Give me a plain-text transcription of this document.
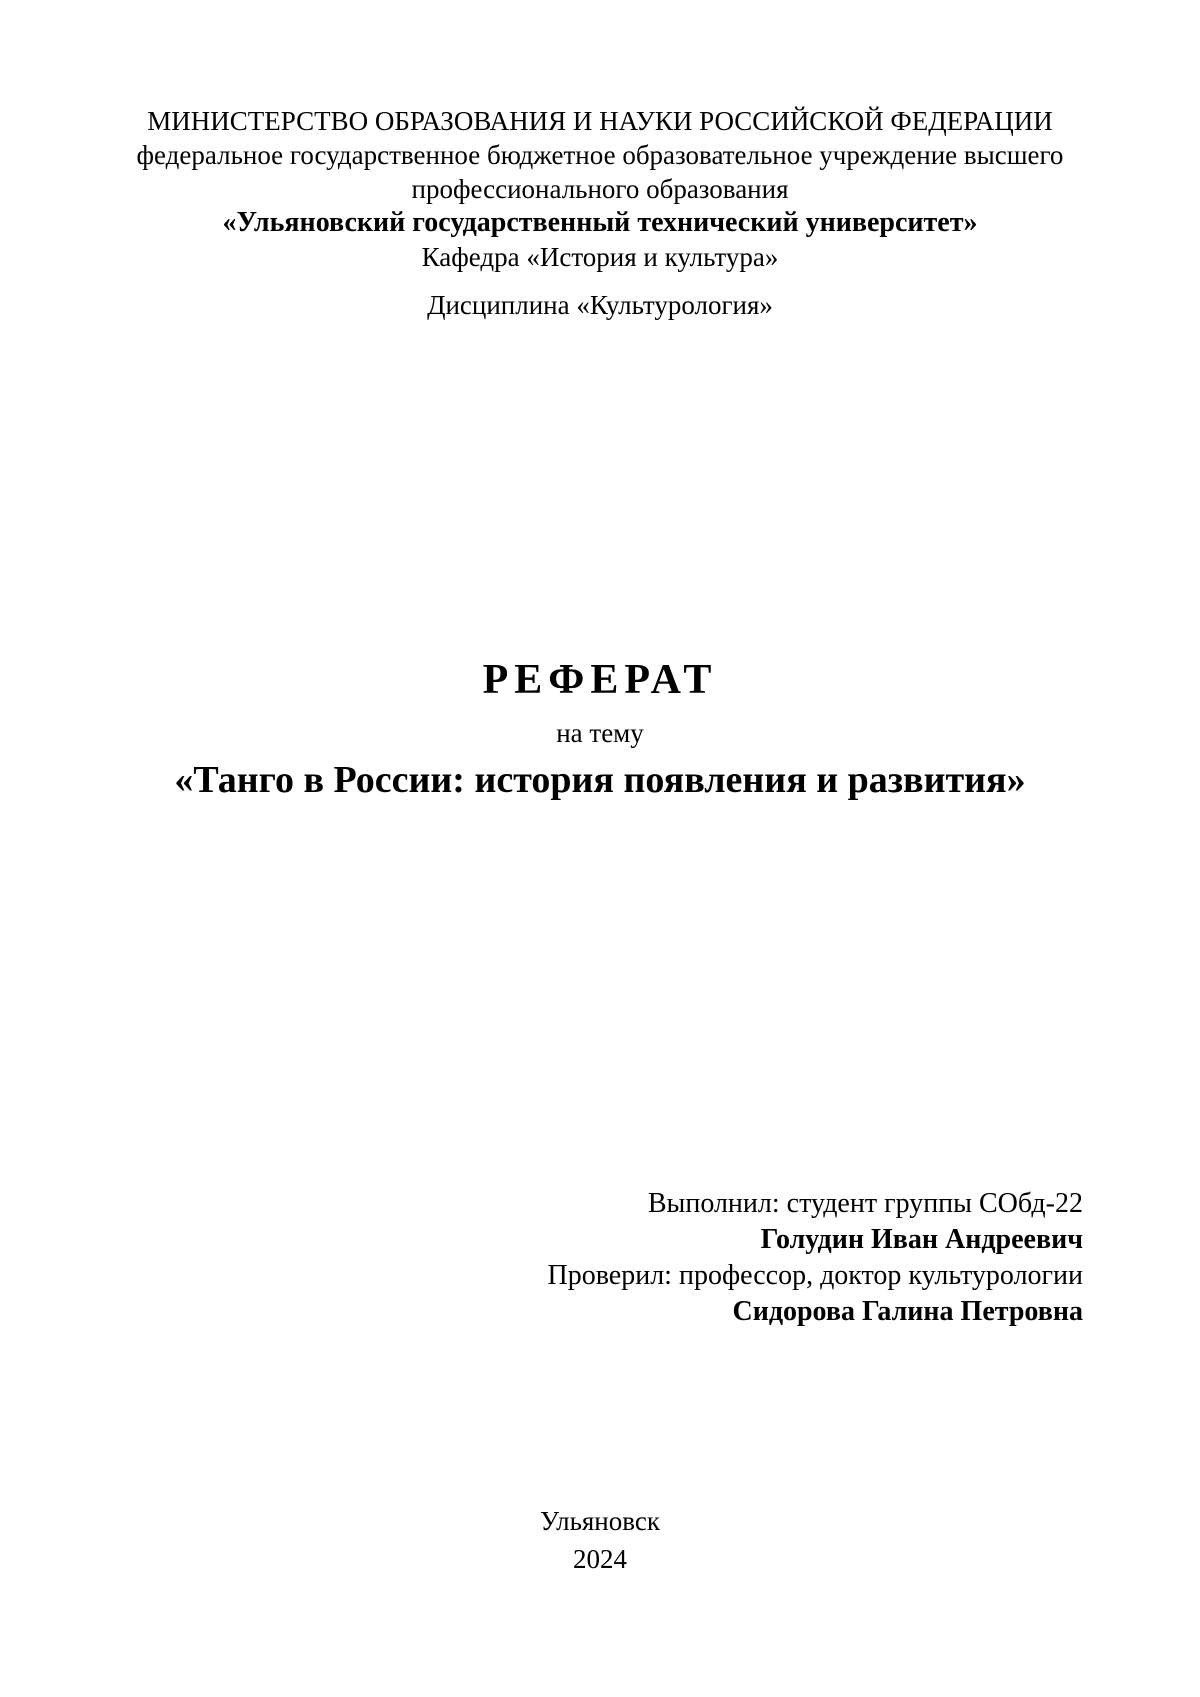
МИНИСТЕРСТВО ОБРАЗОВАНИЯ И НАУКИ РОССИЙСКОЙ ФЕДЕРАЦИИ
федеральное государственное бюджетное образовательное учреждение высшего
профессионального образования
«Ульяновский государственный технический университет»
Кафедра «История и культура»
Дисциплина «Культурология»
РЕФЕРАТ
на тему
«Танго в России: история появления и развития»
Выполнил: студент группы СОбд-22
Голудин Иван Андреевич
Проверил: профессор, доктор культурологии
Сидорова Галина Петровна
Ульяновск
2024
